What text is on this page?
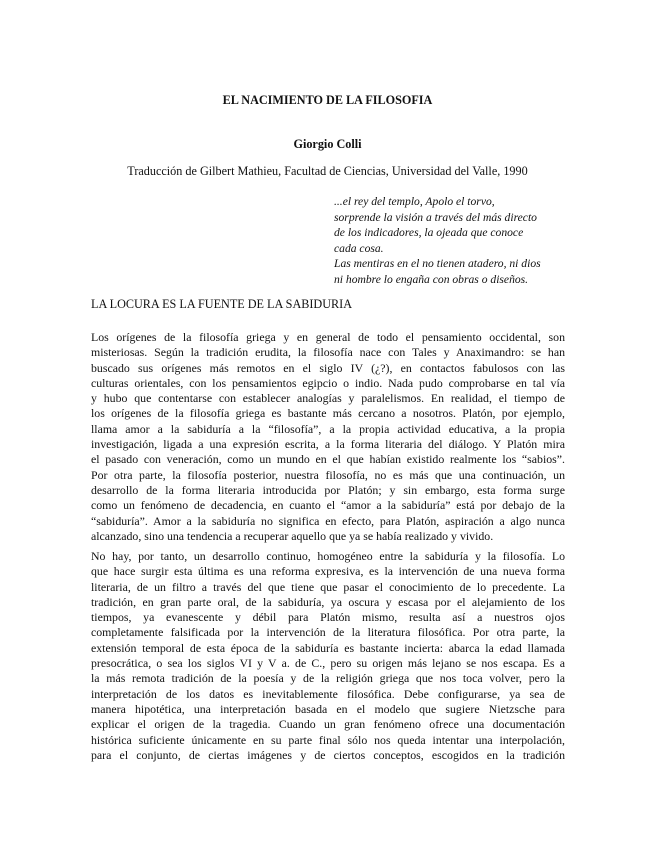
EL NACIMIENTO DE LA FILOSOFIA
Giorgio Colli
Traducción de Gilbert Mathieu, Facultad de Ciencias, Universidad del Valle, 1990
...el rey del templo, Apolo el torvo,
sorprende la visión a través del más directo
de los indicadores, la ojeada que conoce
cada cosa.
Las mentiras en el no tienen atadero, ni dios
ni hombre lo engaña con obras o diseños.
LA LOCURA ES LA FUENTE DE LA SABIDURIA
Los orígenes de la filosofía griega y en general de todo el pensamiento occidental, son
misteriosas. Según la tradición erudita, la filosofía nace con Tales y Anaximandro: se han
buscado sus orígenes más remotos en el siglo IV (¿?), en contactos fabulosos con las
culturas orientales, con los pensamientos egipcio o indio. Nada pudo comprobarse en tal vía
y hubo que contentarse con establecer analogías y paralelismos. En realidad, el tiempo de
los orígenes de la filosofía griega es bastante más cercano a nosotros. Platón, por ejemplo,
llama amor a la sabiduría a la “filosofía”, a la propia actividad educativa, a la propia
investigación, ligada a una expresión escrita, a la forma literaria del diálogo. Y Platón mira
el pasado con veneración, como un mundo en el que habían existido realmente los “sabios”.
Por otra parte, la filosofía posterior, nuestra filosofía, no es más que una continuación, un
desarrollo de la forma literaria introducida por Platón; y sin embargo, esta forma surge
como un fenómeno de decadencia, en cuanto el “amor a la sabiduría” está por debajo de la
“sabiduría”. Amor a la sabiduría no significa en efecto, para Platón, aspiración a algo nunca
alcanzado, sino una tendencia a recuperar aquello que ya se había realizado y vivido.
No hay, por tanto, un desarrollo continuo, homogéneo entre la sabiduría y la filosofía. Lo
que hace surgir esta última es una reforma expresiva, es la intervención de una nueva forma
literaria, de un filtro a través del que tiene que pasar el conocimiento de lo precedente. La
tradición, en gran parte oral, de la sabiduría, ya oscura y escasa por el alejamiento de los
tiempos, ya evanescente y débil para Platón mismo, resulta así a nuestros ojos
completamente falsificada por la intervención de la literatura filosófica. Por otra parte, la
extensión temporal de esta época de la sabiduría es bastante incierta: abarca la edad llamada
presocrática, o sea los siglos VI y V a. de C., pero su origen más lejano se nos escapa. Es a
la más remota tradición de la poesía y de la religión griega que nos toca volver, pero la
interpretación de los datos es inevitablemente filosófica. Debe configurarse, ya sea de
manera hipotética, una interpretación basada en el modelo que sugiere Nietzsche para
explicar el origen de la tragedia. Cuando un gran fenómeno ofrece una documentación
histórica suficiente únicamente en su parte final sólo nos queda intentar una interpolación,
para el conjunto, de ciertas imágenes y de ciertos conceptos, escogidos en la tradición
